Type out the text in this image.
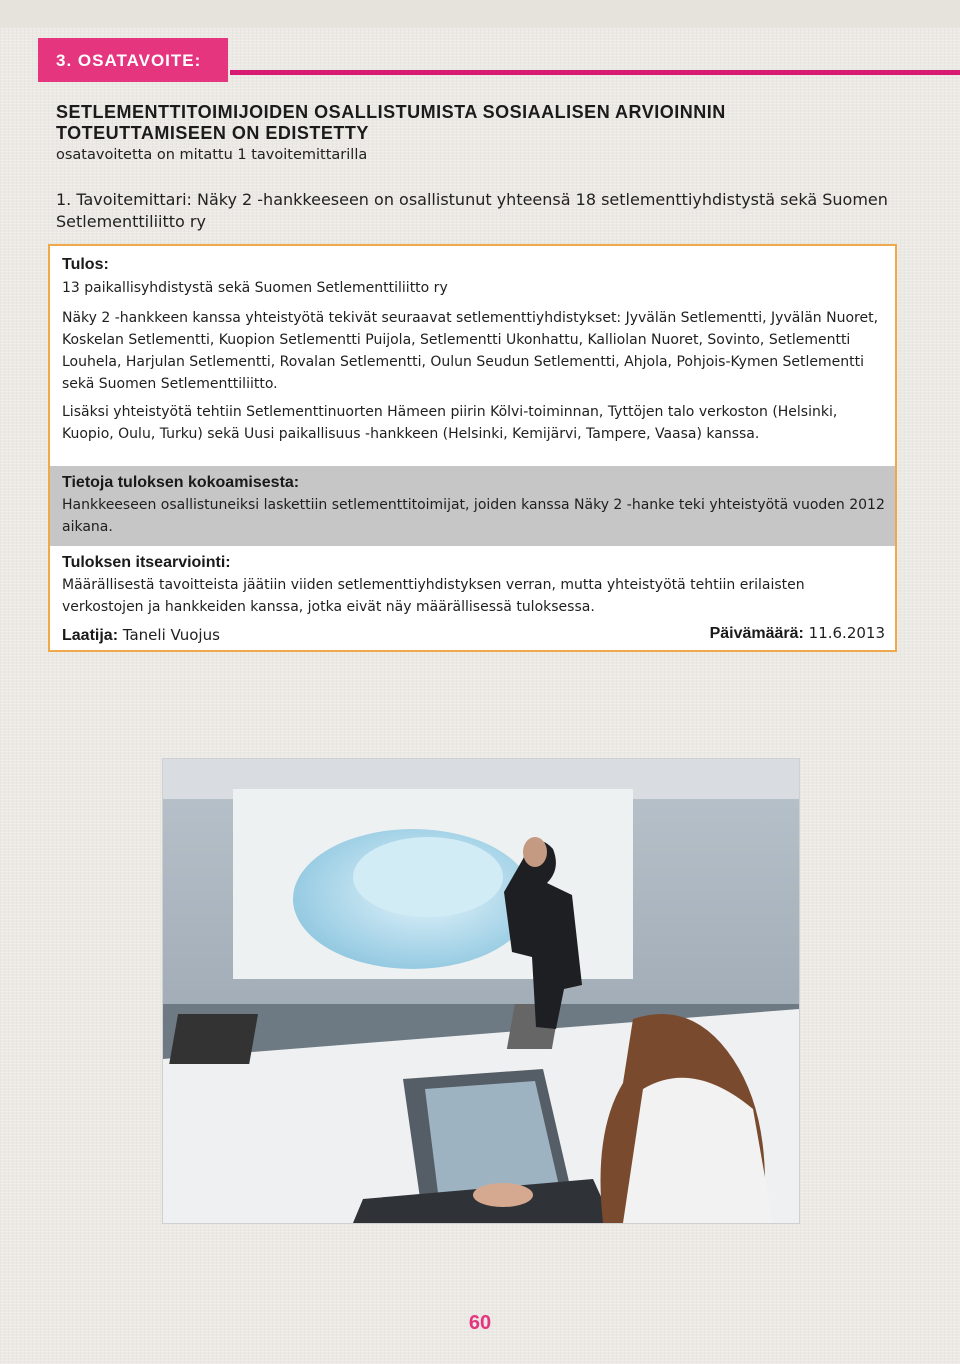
3. OSATAVOITE:
SETLEMENTTITOIMIJOIDEN OSALLISTUMISTA SOSIAALISEN ARVIOINNIN
TOTEUTTAMISEEN ON EDISTETTY
osatavoitetta on mitattu 1 tavoitemittarilla

1. Tavoitemittari: Näky 2 -hankkeeseen on osallistunut yhteensä 18 setlementtiyhdistystä sekä Suomen Setlementtiliitto ry

Tulos:
13 paikallisyhdistystä sekä Suomen Setlementtiliitto ry
Näky 2 -hankkeen kanssa yhteistyötä tekivät seuraavat setlementtiyhdistykset: Jyvälän Setlementti, Jyvälän Nuoret, Koskelan Setlementti, Kuopion Setlementti Puijola, Setlementti Ukonhattu, Kalliolan Nuoret, Sovinto, Setlementti Louhela, Harjulan Setlementti, Rovalan Setlementti, Oulun Seudun Setlementti, Ahjola, Pohjois-Kymen Setlementti sekä Suomen Setlementtiliitto.
Lisäksi yhteistyötä tehtiin Setlementtinuorten Hämeen piirin Kölvi-toiminnan, Tyttöjen talo verkoston (Helsinki, Kuopio, Oulu, Turku) sekä Uusi paikallisuus -hankkeen (Helsinki, Kemijärvi, Tampere, Vaasa) kanssa.
Tietoja tuloksen kokoamisesta:
Hankkeeseen osallistuneiksi laskettiin setlementtitoimijat, joiden kanssa Näky 2 -hanke teki yhteistyötä vuoden 2012 aikana.
Tuloksen itsearviointi:
Määrällisestä tavoitteista jäätiin viiden setlementtiyhdistyksen verran, mutta yhteistyötä tehtiin erilaisten verkostojen ja hankkeiden kanssa, jotka eivät näy määrällisessä tuloksessa.
Laatija: Taneli Vuojus	Päivämäärä: 11.6.2013
60
